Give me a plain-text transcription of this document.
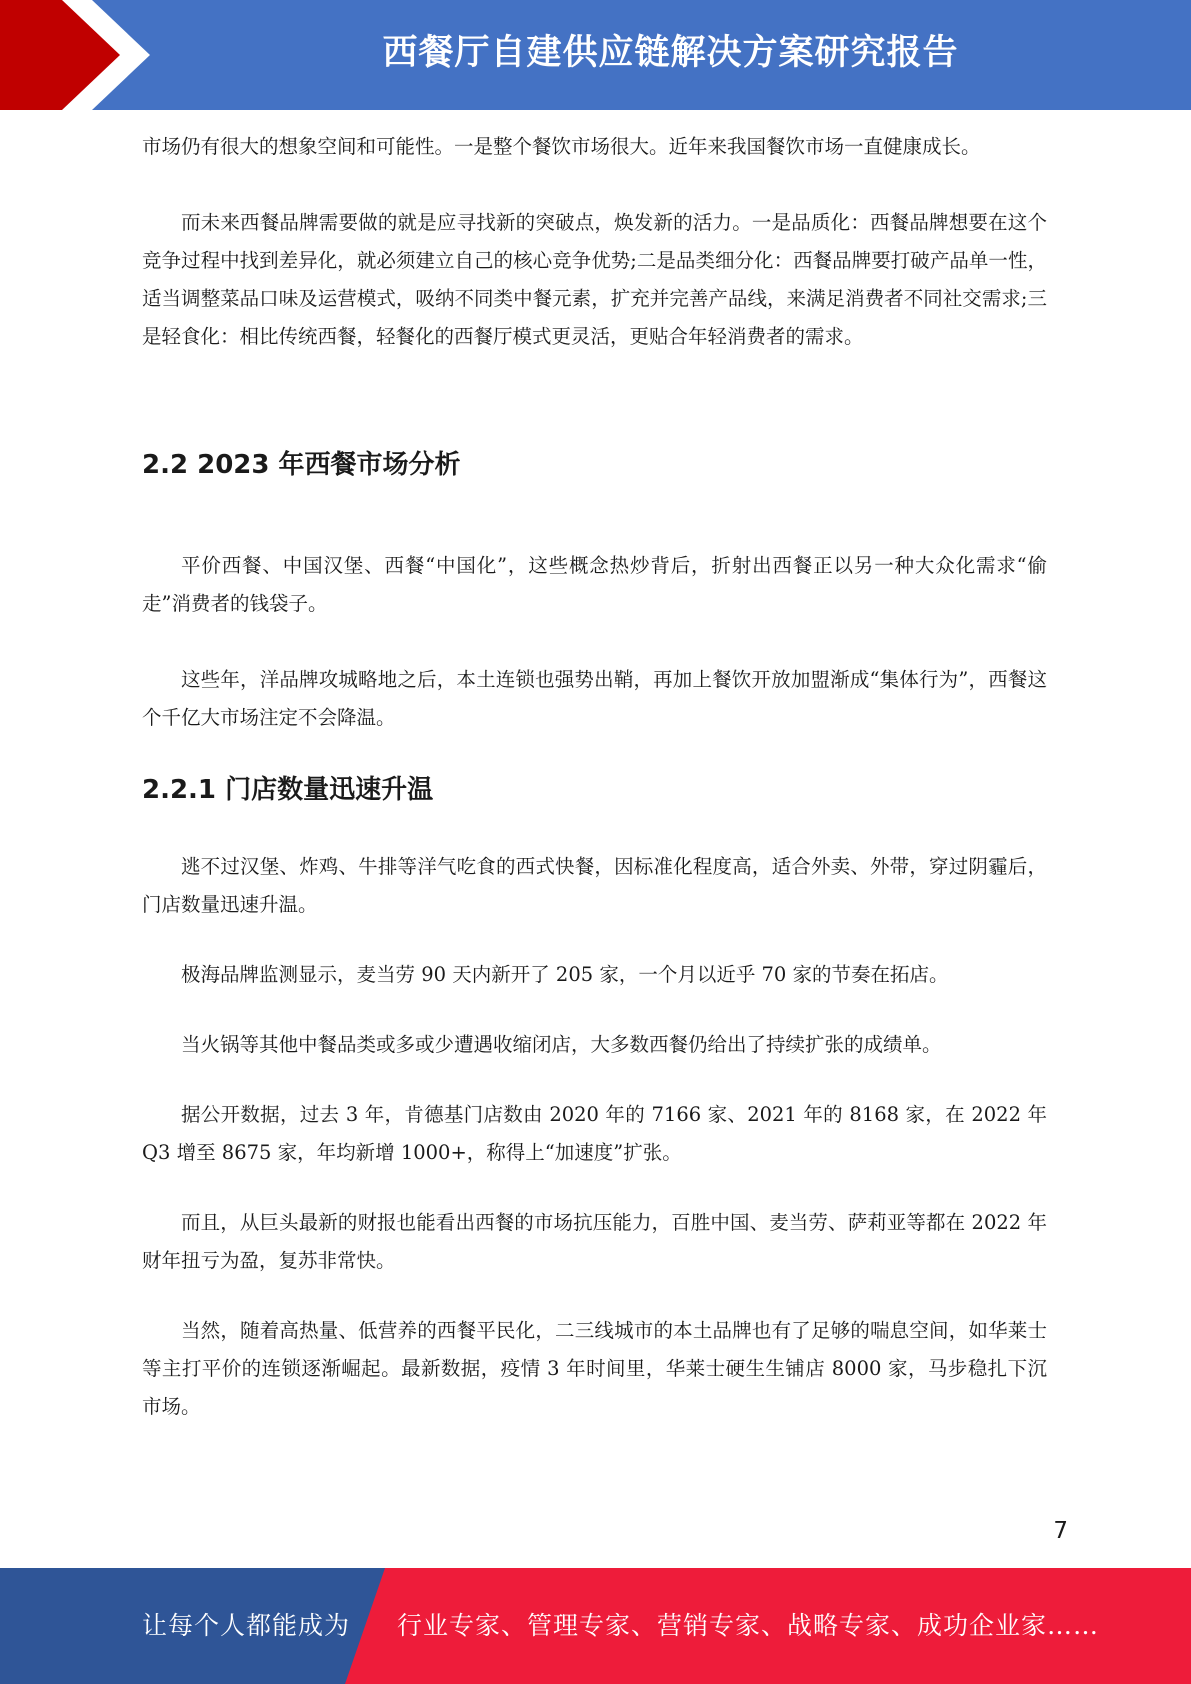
西餐厅自建供应链解决方案研究报告

市场仍有很大的想象空间和可能性。一是整个餐饮市场很大。近年来我国餐饮市场一直健康成长。

而未来西餐品牌需要做的就是应寻找新的突破点，焕发新的活力。一是品质化：西餐品牌想要在这个竞争过程中找到差异化，就必须建立自己的核心竞争优势;二是品类细分化：西餐品牌要打破产品单一性，适当调整菜品口味及运营模式，吸纳不同类中餐元素，扩充并完善产品线，来满足消费者不同社交需求;三是轻食化：相比传统西餐，轻餐化的西餐厅模式更灵活，更贴合年轻消费者的需求。

2.2 2023 年西餐市场分析

平价西餐、中国汉堡、西餐“中国化”，这些概念热炒背后，折射出西餐正以另一种大众化需求“偷走”消费者的钱袋子。

这些年，洋品牌攻城略地之后，本土连锁也强势出鞘，再加上餐饮开放加盟渐成“集体行为”，西餐这个千亿大市场注定不会降温。

2.2.1 门店数量迅速升温

逃不过汉堡、炸鸡、牛排等洋气吃食的西式快餐，因标准化程度高，适合外卖、外带，穿过阴霾后，门店数量迅速升温。

极海品牌监测显示，麦当劳 90 天内新开了 205 家，一个月以近乎 70 家的节奏在拓店。

当火锅等其他中餐品类或多或少遭遇收缩闭店，大多数西餐仍给出了持续扩张的成绩单。

据公开数据，过去 3 年，肯德基门店数由 2020 年的 7166 家、2021 年的 8168 家，在 2022 年 Q3 增至 8675 家，年均新增 1000+，称得上“加速度”扩张。

而且，从巨头最新的财报也能看出西餐的市场抗压能力，百胜中国、麦当劳、萨莉亚等都在 2022 年财年扭亏为盈，复苏非常快。

当然，随着高热量、低营养的西餐平民化，二三线城市的本土品牌也有了足够的喘息空间，如华莱士等主打平价的连锁逐渐崛起。最新数据，疫情 3 年时间里，华莱士硬生生铺店 8000 家，马步稳扎下沉市场。

7
让每个人都能成为 行业专家、管理专家、营销专家、战略专家、成功企业家……
